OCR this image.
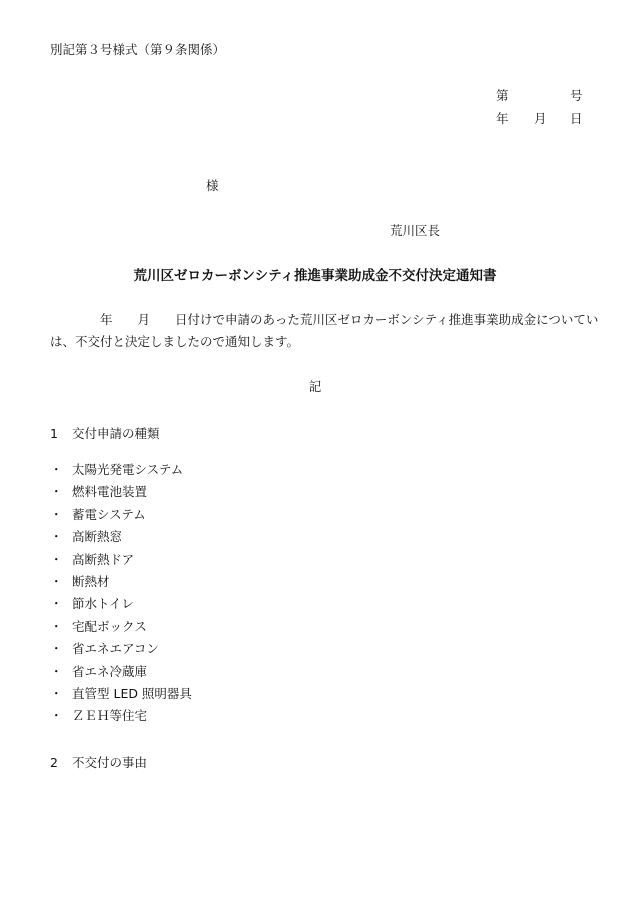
別記第３号様式（第９条関係）
第	号
年 月 日
様
荒川区長
荒川区ゼロカーボンシティ推進事業助成金不交付決定通知書
　　　　年　　月　　日付けで申請のあった荒川区ゼロカーボンシティ推進事業助成金についてい
は、不交付と決定しましたので通知します。
記
1 交付申請の種類
・ 太陽光発電システム
・ 燃料電池装置
・ 蓄電システム
・ 高断熱窓
・ 高断熱ドア
・ 断熱材
・ 節水トイレ
・ 宅配ボックス
・ 省エネエアコン
・ 省エネ冷蔵庫
・ 直管型 LED 照明器具
・ ＺＥＨ等住宅
2 不交付の事由
